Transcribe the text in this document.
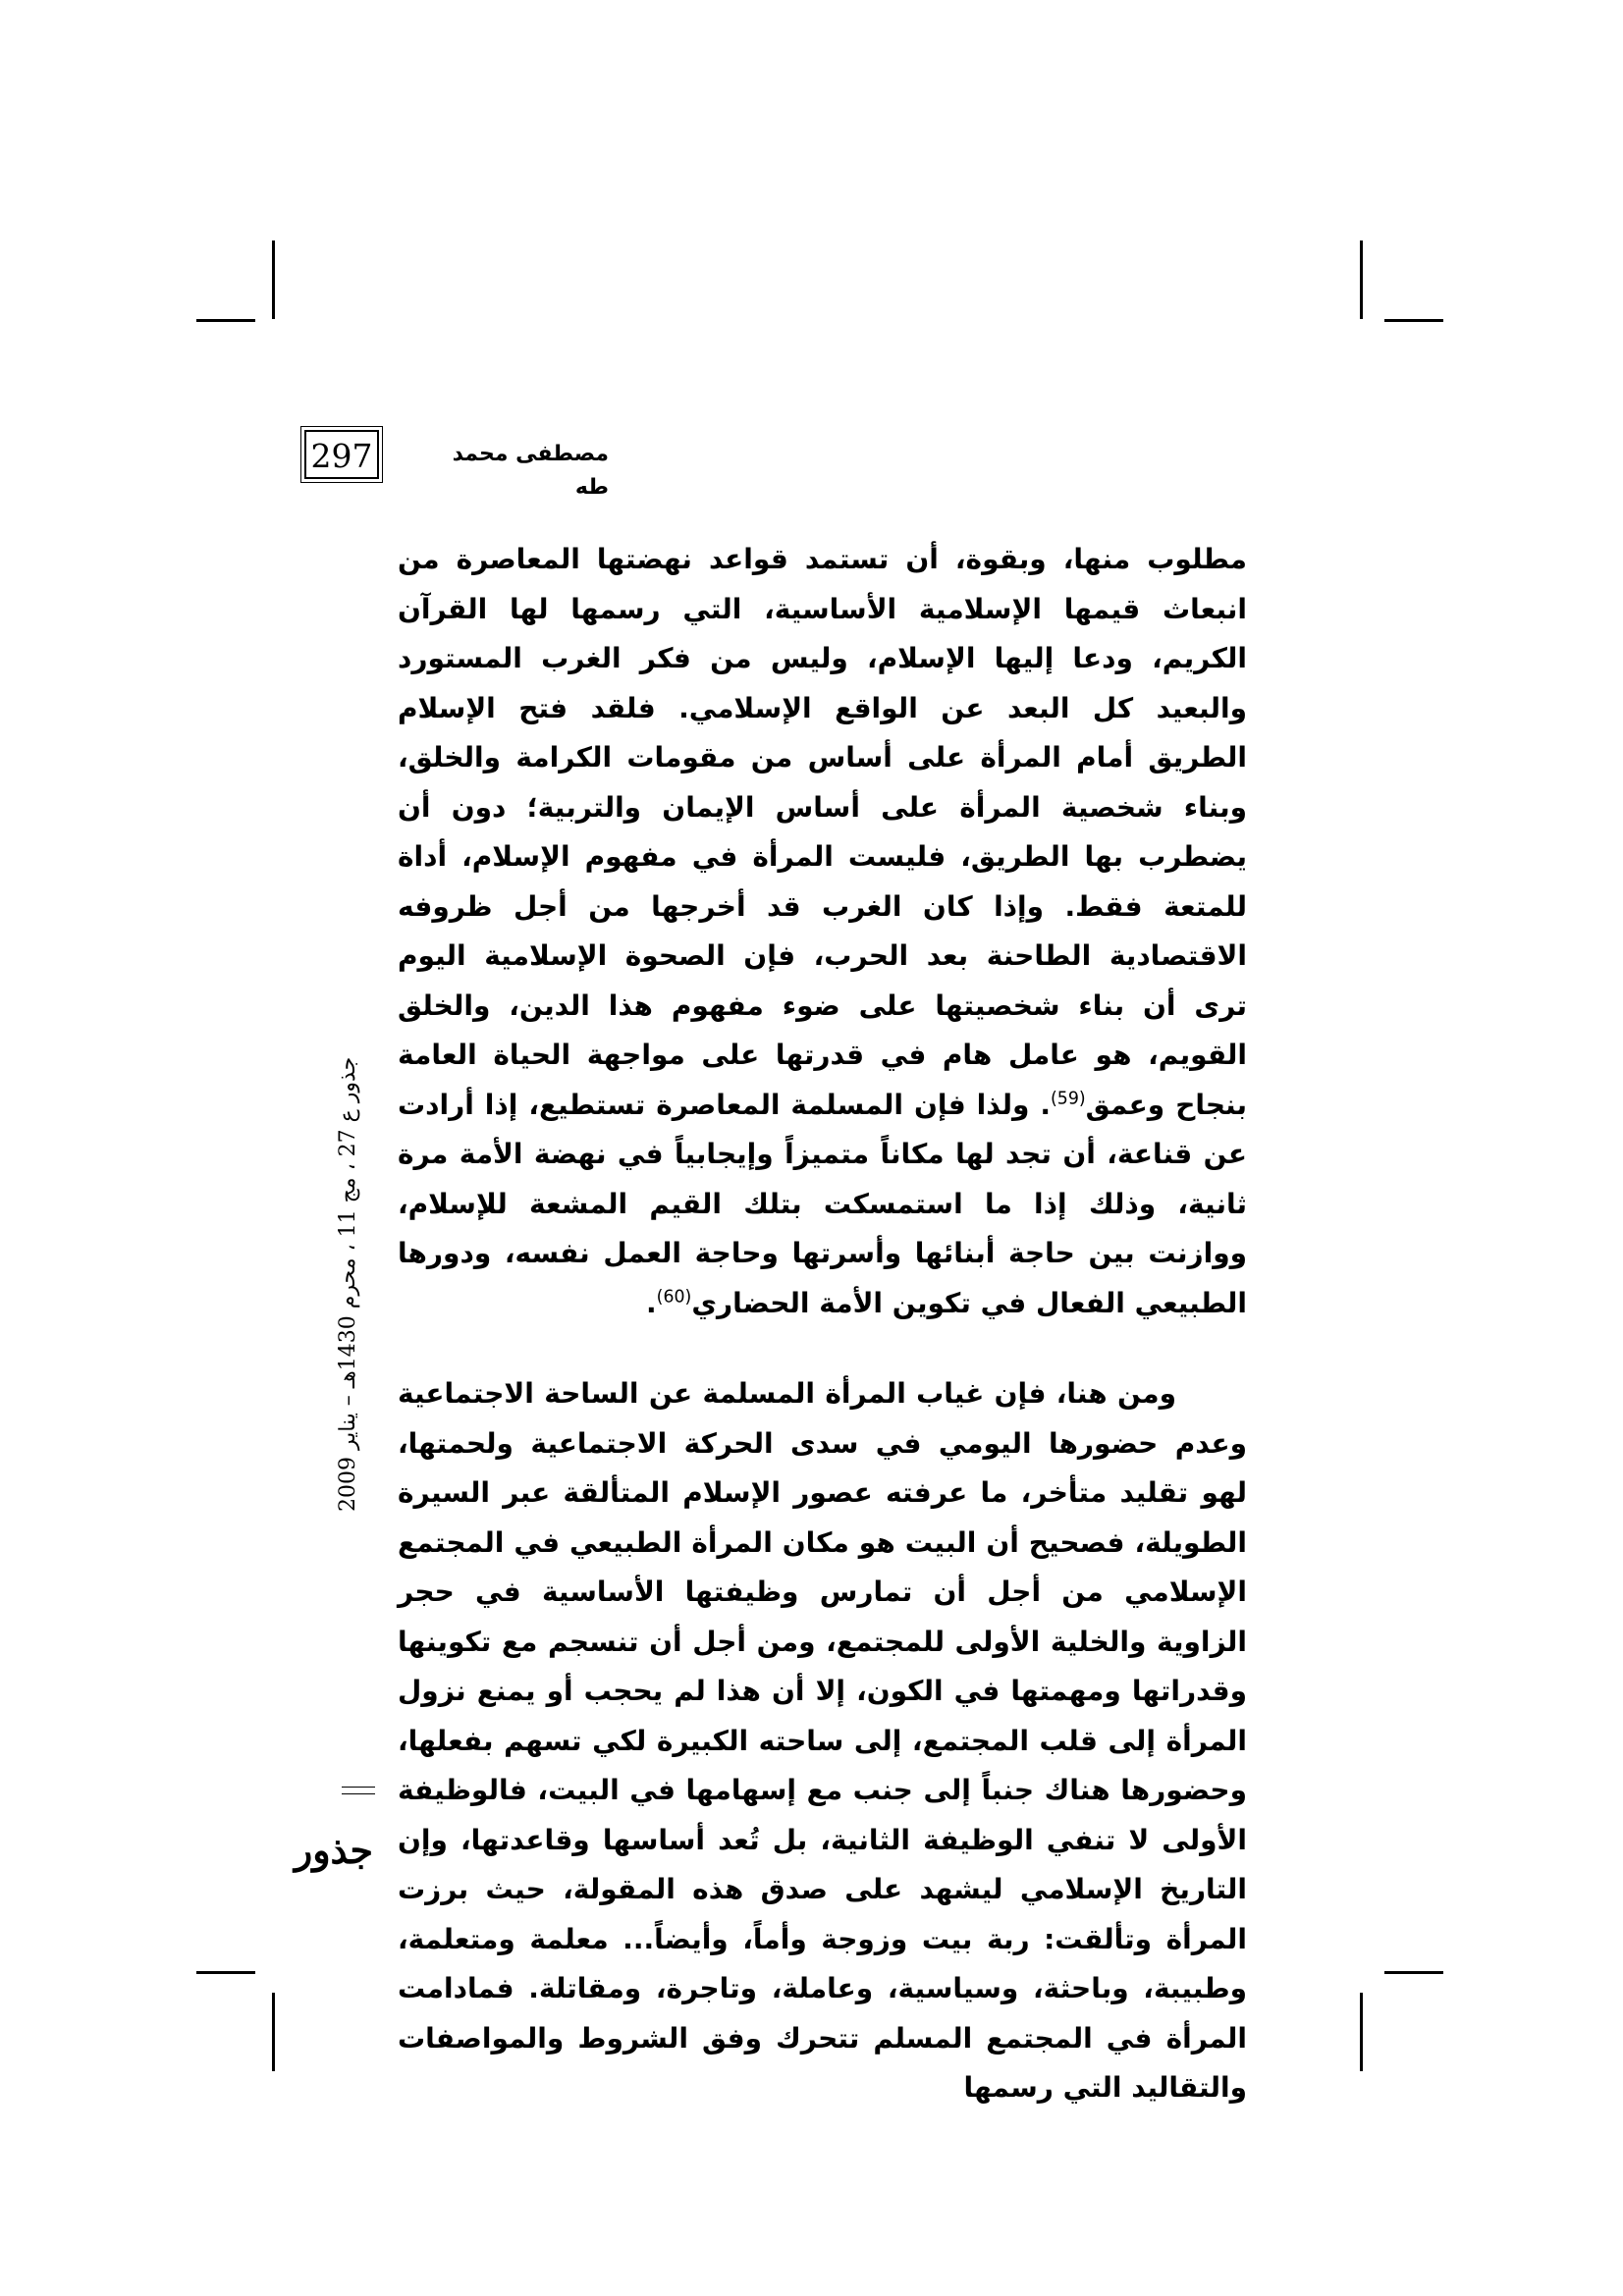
297	مصطفى محمد طه

مطلوب منها، وبقوة، أن تستمد قواعد نهضتها المعاصرة من انبعاث قيمها الإسلامية الأساسية، التي رسمها لها القرآن الكريم، ودعا إليها الإسلام، وليس من فكر الغرب المستورد والبعيد كل البعد عن الواقع الإسلامي. فلقد فتح الإسلام الطريق أمام المرأة على أساس من مقومات الكرامة والخلق، وبناء شخصية المرأة على أساس الإيمان والتربية؛ دون أن يضطرب بها الطريق، فليست المرأة في مفهوم الإسلام، أداة للمتعة فقط. وإذا كان الغرب قد أخرجها من أجل ظروفه الاقتصادية الطاحنة بعد الحرب، فإن الصحوة الإسلامية اليوم ترى أن بناء شخصيتها على ضوء مفهوم هذا الدين، والخلق القويم، هو عامل هام في قدرتها على مواجهة الحياة العامة بنجاح وعمق$^{(59)}$. ولذا فإن المسلمة المعاصرة تستطيع، إذا أرادت عن قناعة، أن تجد لها مكاناً متميزاً وإيجابياً في نهضة الأمة مرة ثانية، وذلك إذا ما استمسكت بتلك القيم المشعة للإسلام، ووازنت بين حاجة أبنائها وأسرتها وحاجة العمل نفسه، ودورها الطبيعي الفعال في تكوين الأمة الحضاري$^{(60)}$.

ومن هنا، فإن غياب المرأة المسلمة عن الساحة الاجتماعية وعدم حضورها اليومي في سدى الحركة الاجتماعية ولحمتها، لهو تقليد متأخر، ما عرفته عصور الإسلام المتألقة عبر السيرة الطويلة، فصحيح أن البيت هو مكان المرأة الطبيعي في المجتمع الإسلامي من أجل أن تمارس وظيفتها الأساسية في حجر الزاوية والخلية الأولى للمجتمع، ومن أجل أن تنسجم مع تكوينها وقدراتها ومهمتها في الكون، إلا أن هذا لم يحجب أو يمنع نزول المرأة إلى قلب المجتمع، إلى ساحته الكبيرة لكي تسهم بفعلها، وحضورها هناك جنباً إلى جنب مع إسهامها في البيت، فالوظيفة الأولى لا تنفي الوظيفة الثانية، بل تُعد أساسها وقاعدتها، وإن التاريخ الإسلامي ليشهد على صدق هذه المقولة، حيث برزت المرأة وتألقت: ربة بيت وزوجة وأماً، وأيضاً... معلمة ومتعلمة، وطبيبة، وباحثة، وسياسية، وعاملة، وتاجرة، ومقاتلة. فمادامت المرأة في المجتمع المسلم تتحرك وفق الشروط والمواصفات والتقاليد التي رسمها

جذور ع 27 ، مج 11 ، محرم 1430هـ – يناير 2009
جذور
